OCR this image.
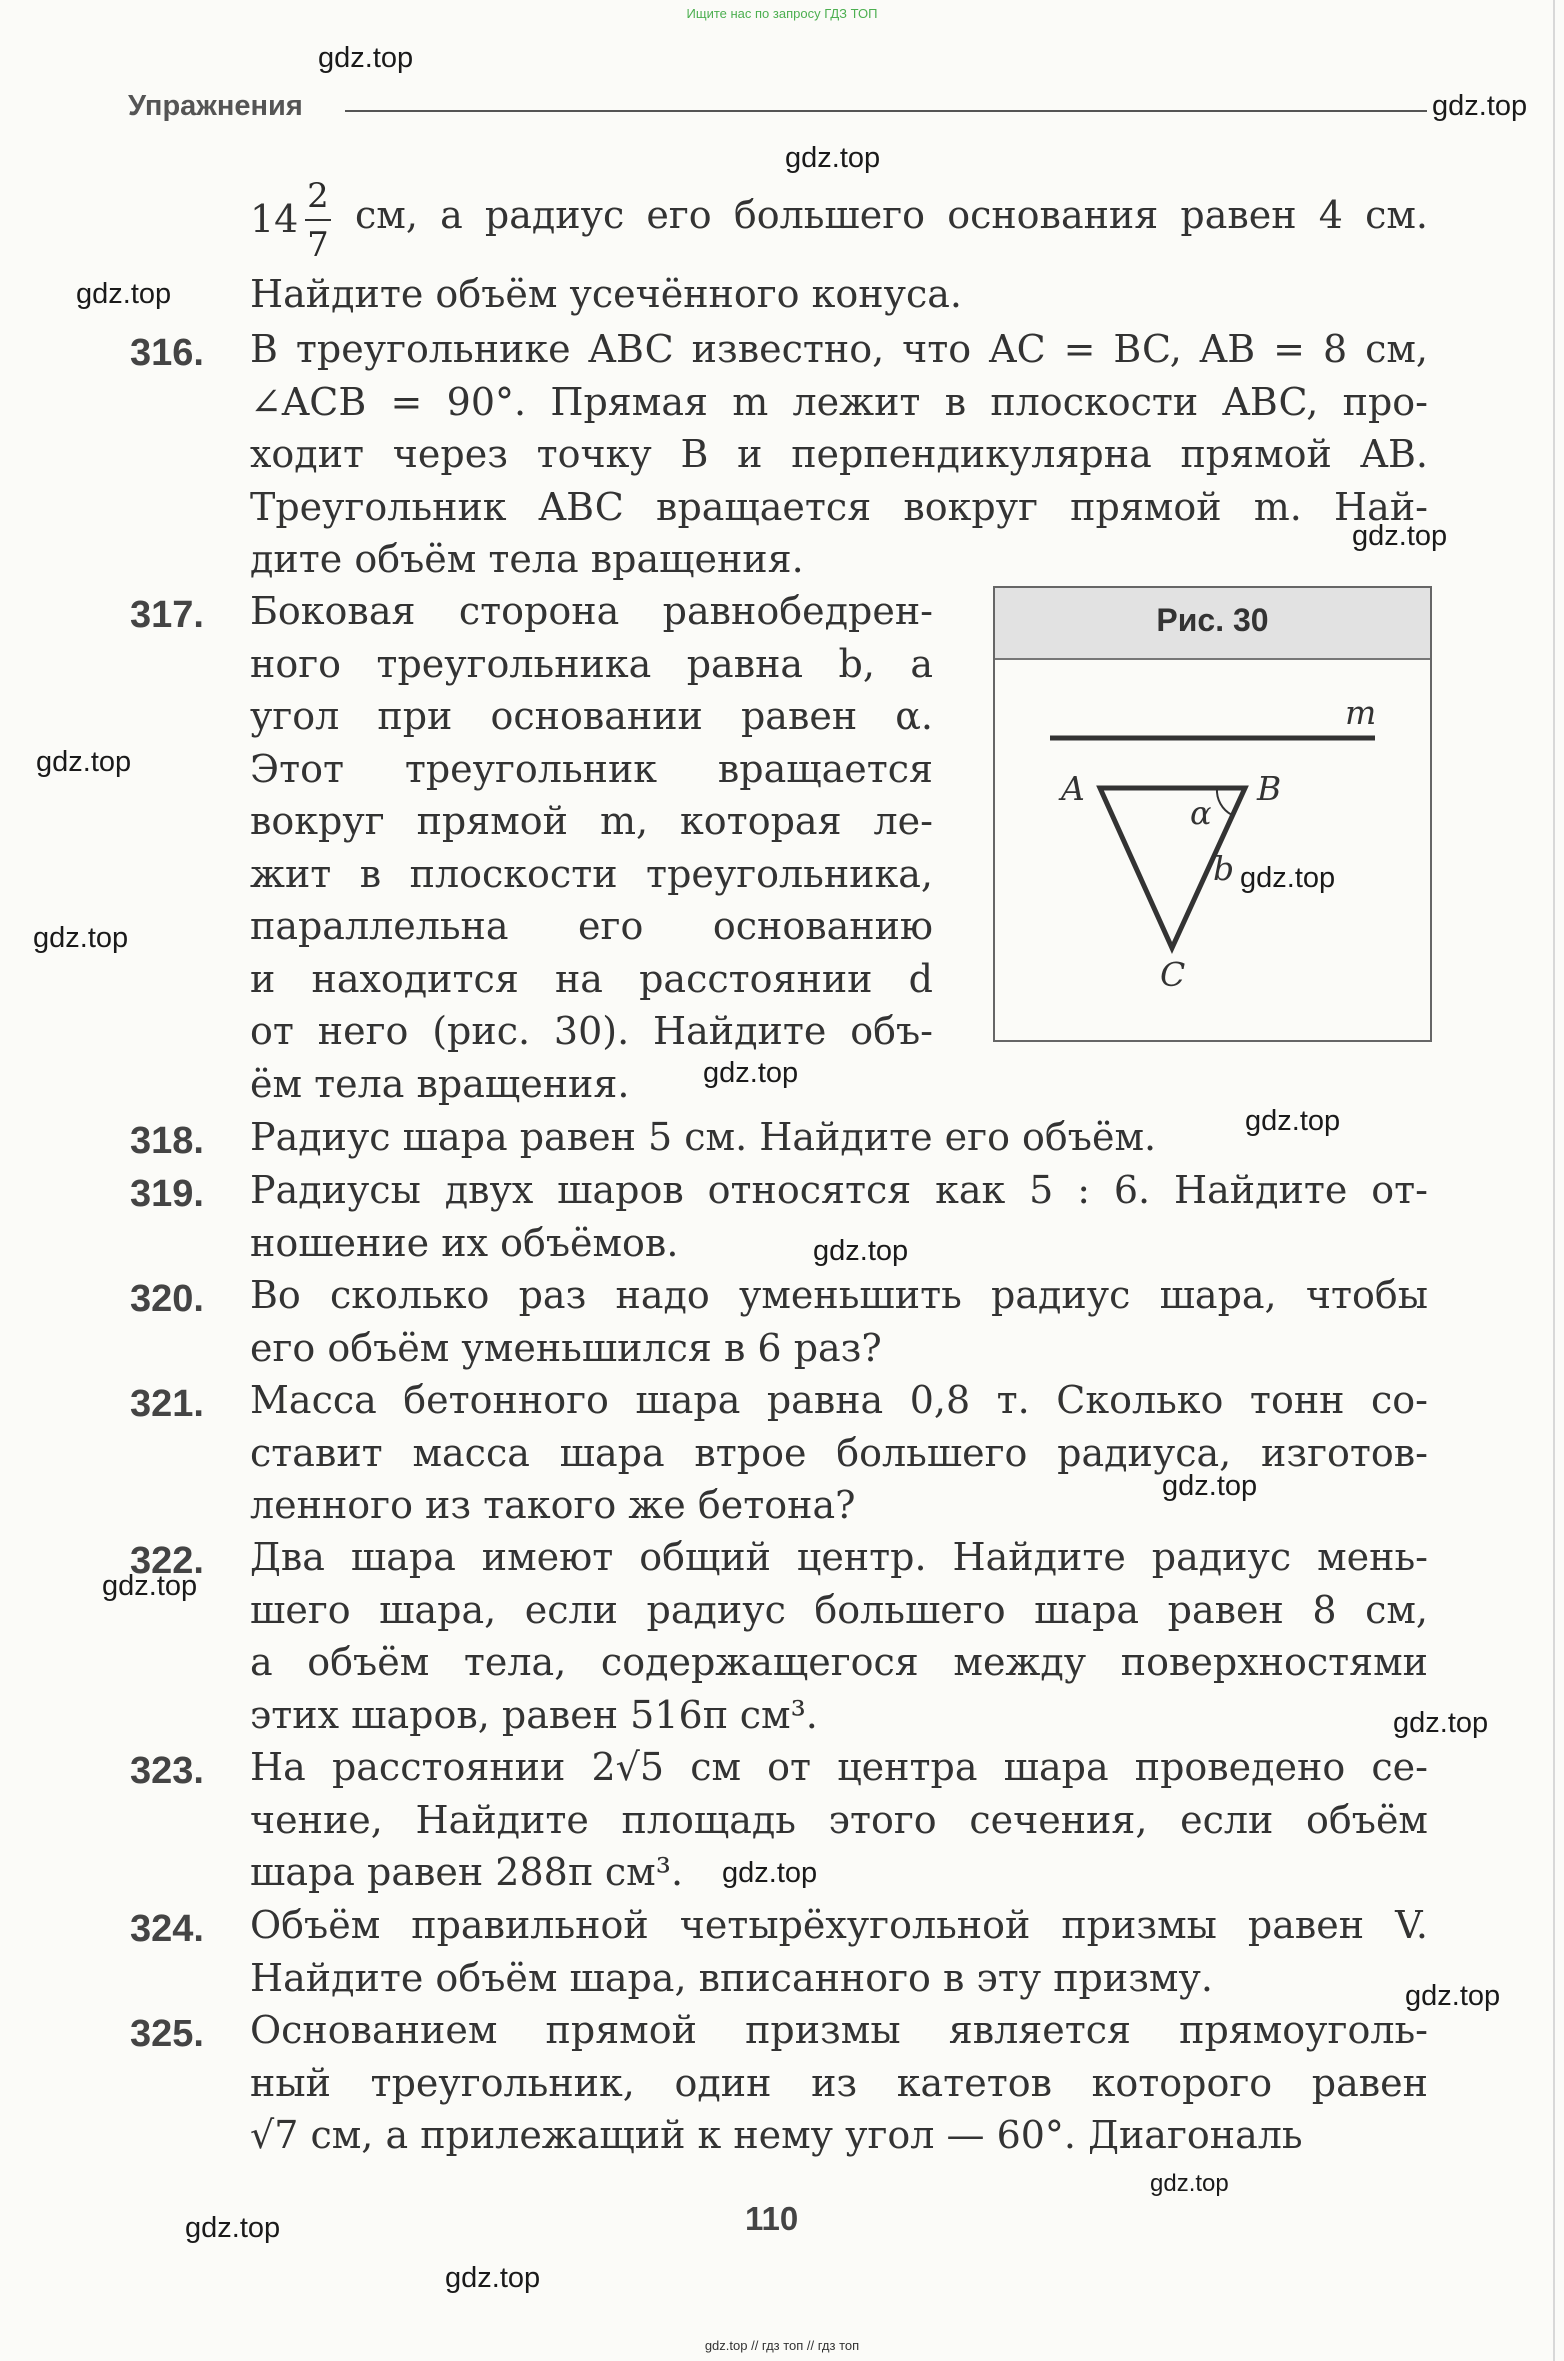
Ищите нас по запросу ГДЗ ТОП
Упражнения
14
2
7
см, а радиус его большего основания равен 4 см.
Найдите объём усечённого конуса.
316. В треугольнике ABC известно, что AC = BC, AB = 8 см,
∠ACB = 90°. Прямая m лежит в плоскости ABC, про-
ходит через точку B и перпендикулярна прямой AB.
Треугольник ABC вращается вокруг прямой m. Най-
дите объём тела вращения.
317. Боковая сторона равнобедрен-
ного треугольника равна b, а
угол при основании равен α.
Этот треугольник вращается
вокруг прямой m, которая ле-
жит в плоскости треугольника,
параллельна его основанию
и находится на расстоянии d
от него (рис. 30). Найдите объ-
ём тела вращения.
318. Радиус шара равен 5 см. Найдите его объём.
319. Радиусы двух шаров относятся как 5 : 6. Найдите от-
ношение их объёмов.
320. Во сколько раз надо уменьшить радиус шара, чтобы
его объём уменьшился в 6 раз?
321. Масса бетонного шара равна 0,8 т. Сколько тонн со-
ставит масса шара втрое большего радиуса, изготов-
ленного из такого же бетона?
322. Два шара имеют общий центр. Найдите радиус мень-
шего шара, если радиус большего шара равен 8 см,
а объём тела, содержащегося между поверхностями
этих шаров, равен 516π см³.
323. На расстоянии 2√5 см от центра шара проведено се-
чение, Найдите площадь этого сечения, если объём
шара равен 288π см³.
324. Объём правильной четырёхугольной призмы равен V.
Найдите объём шара, вписанного в эту призму.
325. Основанием прямой призмы является прямоуголь-
ный треугольник, один из катетов которого равен
√7 см, а прилежащий к нему угол — 60°. Диагональ
Рис. 30
m
A	B
α
b
C
110
gdz.top
gdz.top
gdz.top
gdz.top
gdz.top
gdz.top
gdz.top
gdz.top
gdz.top
gdz.top
gdz.top
gdz.top
gdz.top
gdz.top
gdz.top
gdz.top
gdz.top
gdz.top
gdz.top
gdz.top // гдз топ // гдз топ
